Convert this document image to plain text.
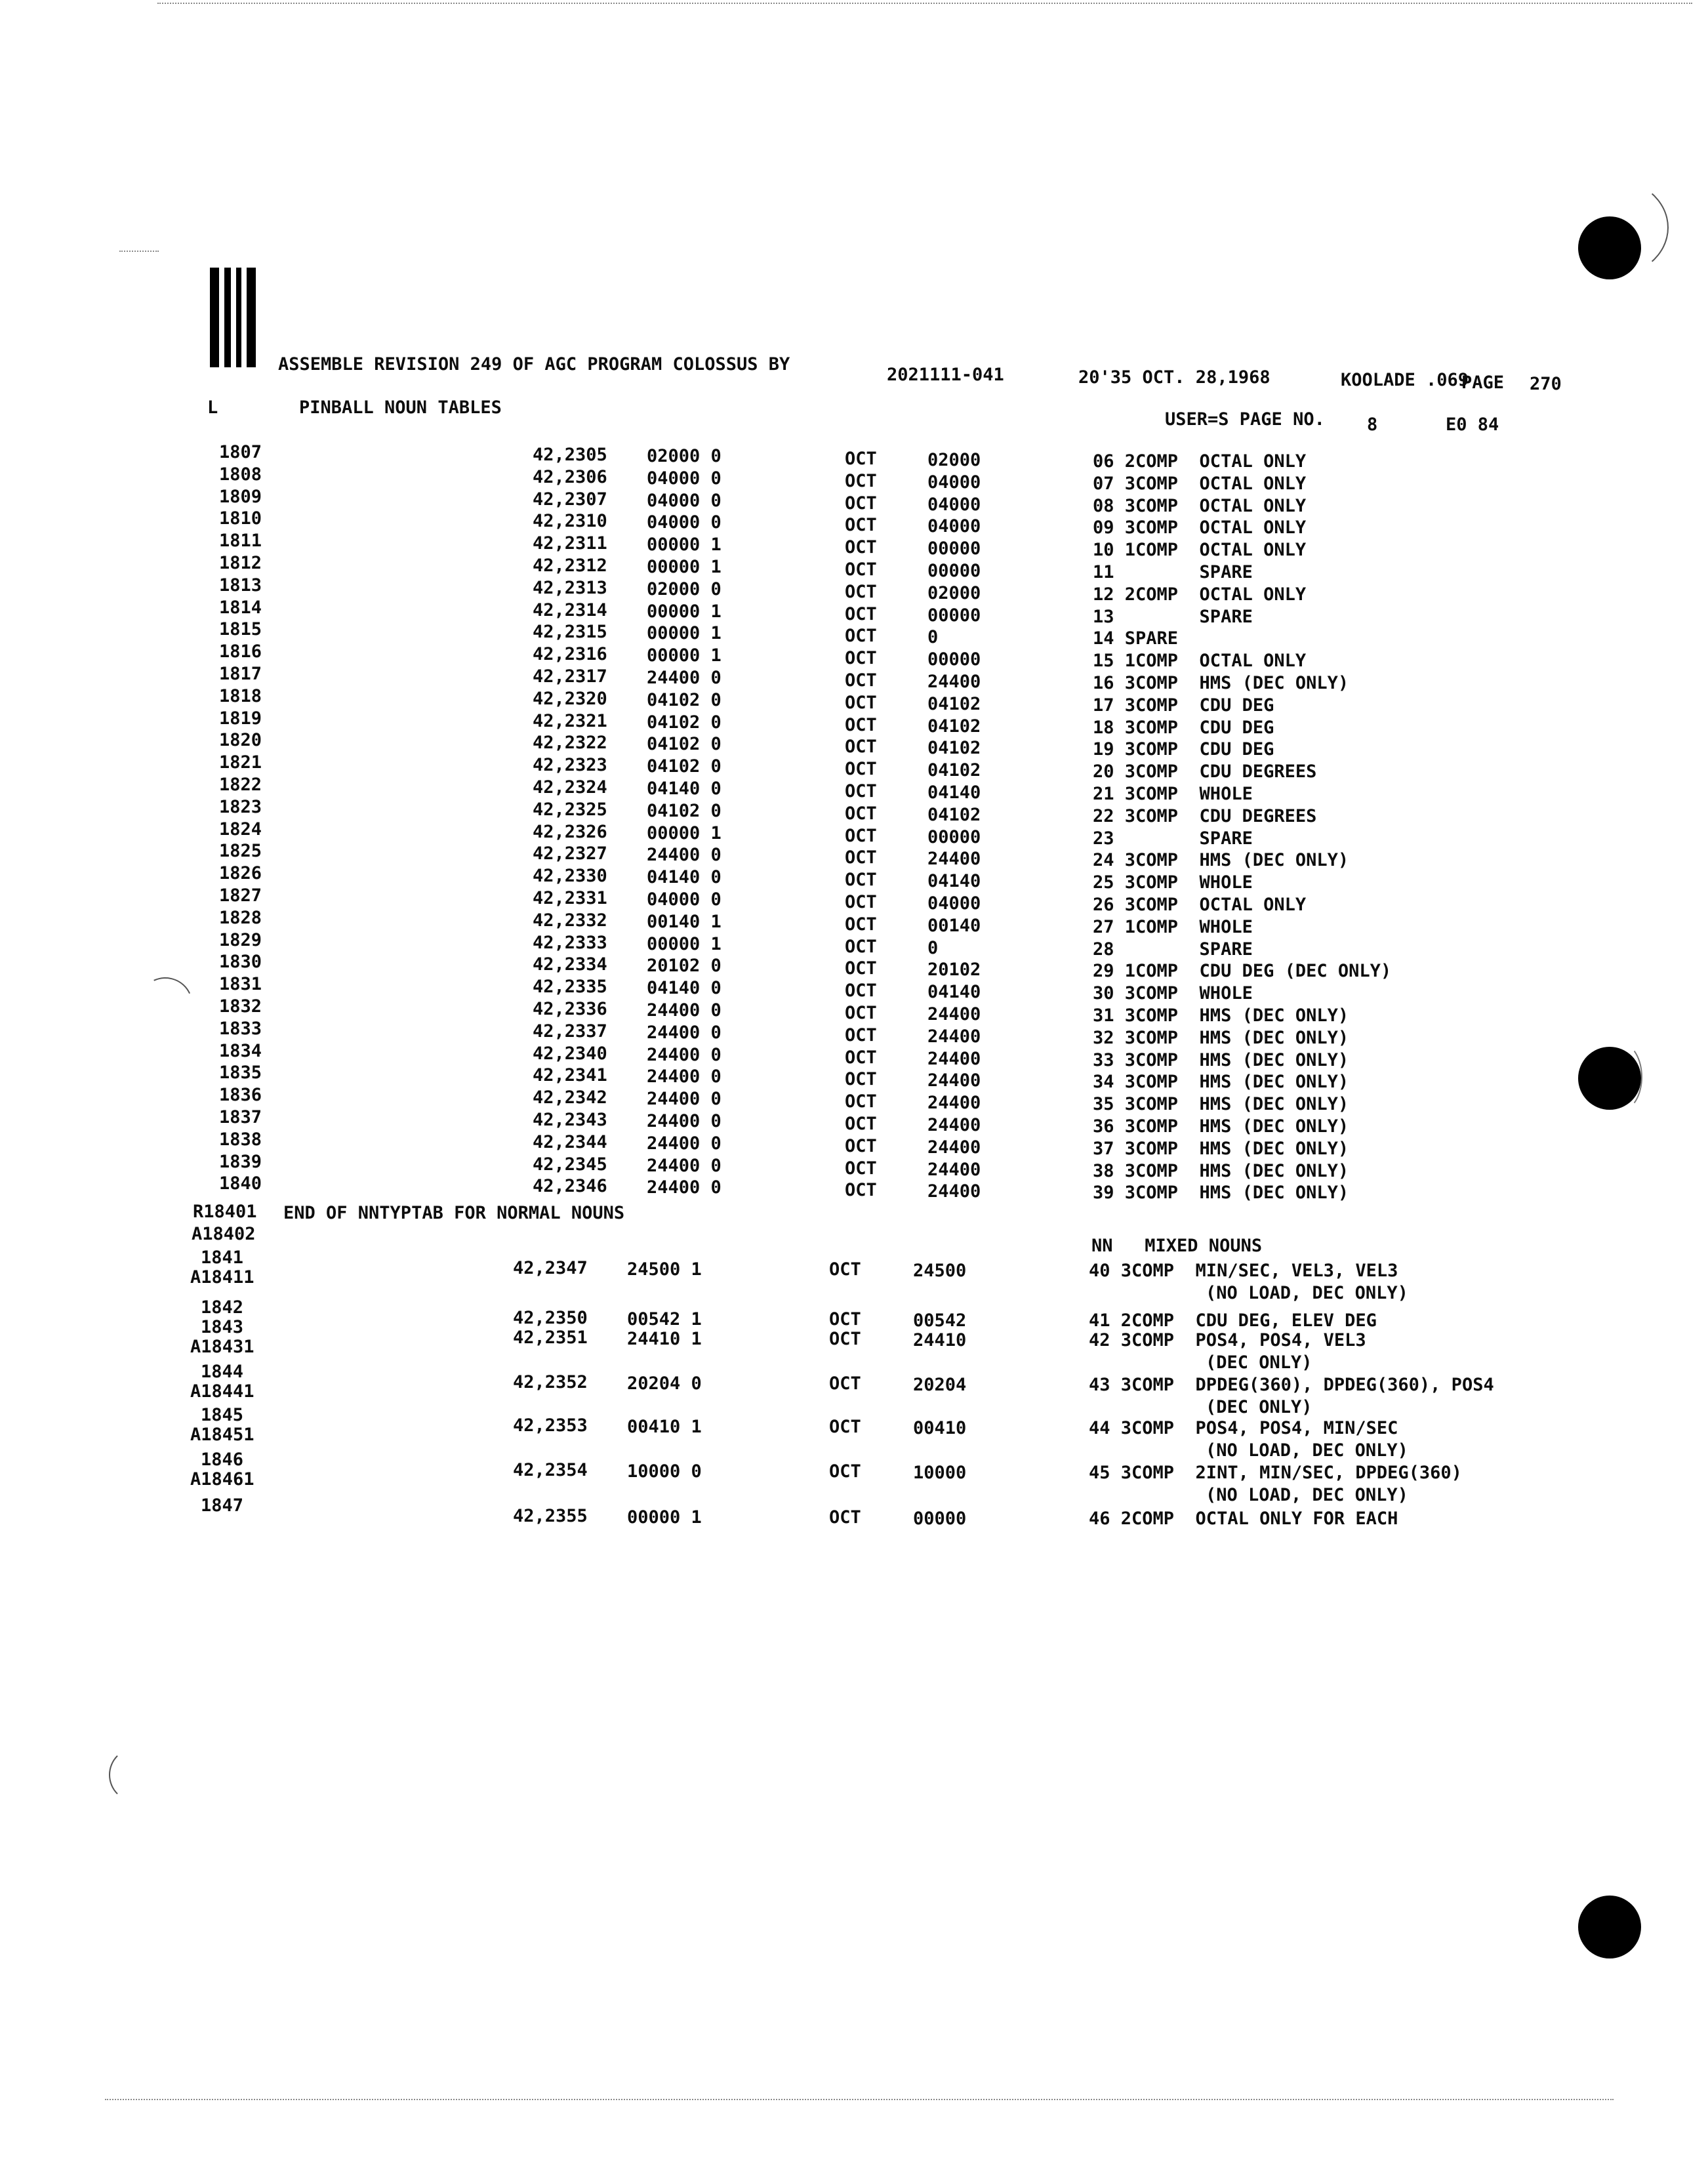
ASSEMBLE REVISION 249 OF AGC PROGRAM COLOSSUS BY
2021111-041	20'35 OCT. 28,1968	KOOLADE .069
PAGE 270
L	PINBALL NOUN TABLES
USER=S PAGE NO. 8	E0 84
1807	42,2305 02000 0	OCT	02000	06 2COMP  OCTAL ONLY
1808	42,2306 04000 0	OCT	04000	07 3COMP  OCTAL ONLY
1809	42,2307 04000 0	OCT	04000	08 3COMP  OCTAL ONLY
1810	42,2310 04000 0	OCT	04000	09 3COMP  OCTAL ONLY
1811	42,2311 00000 1	OCT	00000	10 1COMP  OCTAL ONLY
1812	42,2312 00000 1	OCT	00000	11        SPARE
1813	42,2313 02000 0	OCT	02000	12 2COMP  OCTAL ONLY
1814	42,2314 00000 1	OCT	00000	13        SPARE
1815	42,2315 00000 1	OCT	0	14 SPARE
1816	42,2316 00000 1	OCT	00000	15 1COMP  OCTAL ONLY
1817	42,2317 24400 0	OCT	24400	16 3COMP  HMS (DEC ONLY)
1818	42,2320 04102 0	OCT	04102	17 3COMP  CDU DEG
1819	42,2321 04102 0	OCT	04102	18 3COMP  CDU DEG
1820	42,2322 04102 0	OCT	04102	19 3COMP  CDU DEG
1821	42,2323 04102 0	OCT	04102	20 3COMP  CDU DEGREES
1822	42,2324 04140 0	OCT	04140	21 3COMP  WHOLE
1823	42,2325 04102 0	OCT	04102	22 3COMP  CDU DEGREES
1824	42,2326 00000 1	OCT	00000	23        SPARE
1825	42,2327 24400 0	OCT	24400	24 3COMP  HMS (DEC ONLY)
1826	42,2330 04140 0	OCT	04140	25 3COMP  WHOLE
1827	42,2331 04000 0	OCT	04000	26 3COMP  OCTAL ONLY
1828	42,2332 00140 1	OCT	00140	27 1COMP  WHOLE
1829	42,2333 00000 1	OCT	0	28        SPARE
1830	42,2334 20102 0	OCT	20102	29 1COMP  CDU DEG (DEC ONLY)
1831	42,2335 04140 0	OCT	04140	30 3COMP  WHOLE
1832	42,2336 24400 0	OCT	24400	31 3COMP  HMS (DEC ONLY)
1833	42,2337 24400 0	OCT	24400	32 3COMP  HMS (DEC ONLY)
1834	42,2340 24400 0	OCT	24400	33 3COMP  HMS (DEC ONLY)
1835	42,2341 24400 0	OCT	24400	34 3COMP  HMS (DEC ONLY)
1836	42,2342 24400 0	OCT	24400	35 3COMP  HMS (DEC ONLY)
1837	42,2343 24400 0	OCT	24400	36 3COMP  HMS (DEC ONLY)
1838	42,2344 24400 0	OCT	24400	37 3COMP  HMS (DEC ONLY)
1839	42,2345 24400 0	OCT	24400	38 3COMP  HMS (DEC ONLY)
1840	42,2346 24400 0	OCT	24400	39 3COMP  HMS (DEC ONLY)
R18401 END OF NNTYPTAB FOR NORMAL NOUNS
A18402
NN   MIXED NOUNS
1841
A18411	42,2347 24500 1	OCT	24500	40 3COMP  MIN/SEC, VEL3, VEL3
(NO LOAD, DEC ONLY)
1842
42,2350 00542 1	OCT	00542	41 2COMP  CDU DEG, ELEV DEG
1843
A18431	42,2351 24410 1	OCT	24410	42 3COMP  POS4, POS4, VEL3
(DEC ONLY)
1844
A18441	42,2352 20204 0	OCT	20204	43 3COMP  DPDEG(360), DPDEG(360), POS4
(DEC ONLY)
1845
A18451	42,2353 00410 1	OCT	00410	44 3COMP  POS4, POS4, MIN/SEC
(NO LOAD, DEC ONLY)
1846
A18461	42,2354 10000 0	OCT	10000	45 3COMP  2INT, MIN/SEC, DPDEG(360)
(NO LOAD, DEC ONLY)
1847
42,2355 00000 1	OCT	00000	46 2COMP  OCTAL ONLY FOR EACH
